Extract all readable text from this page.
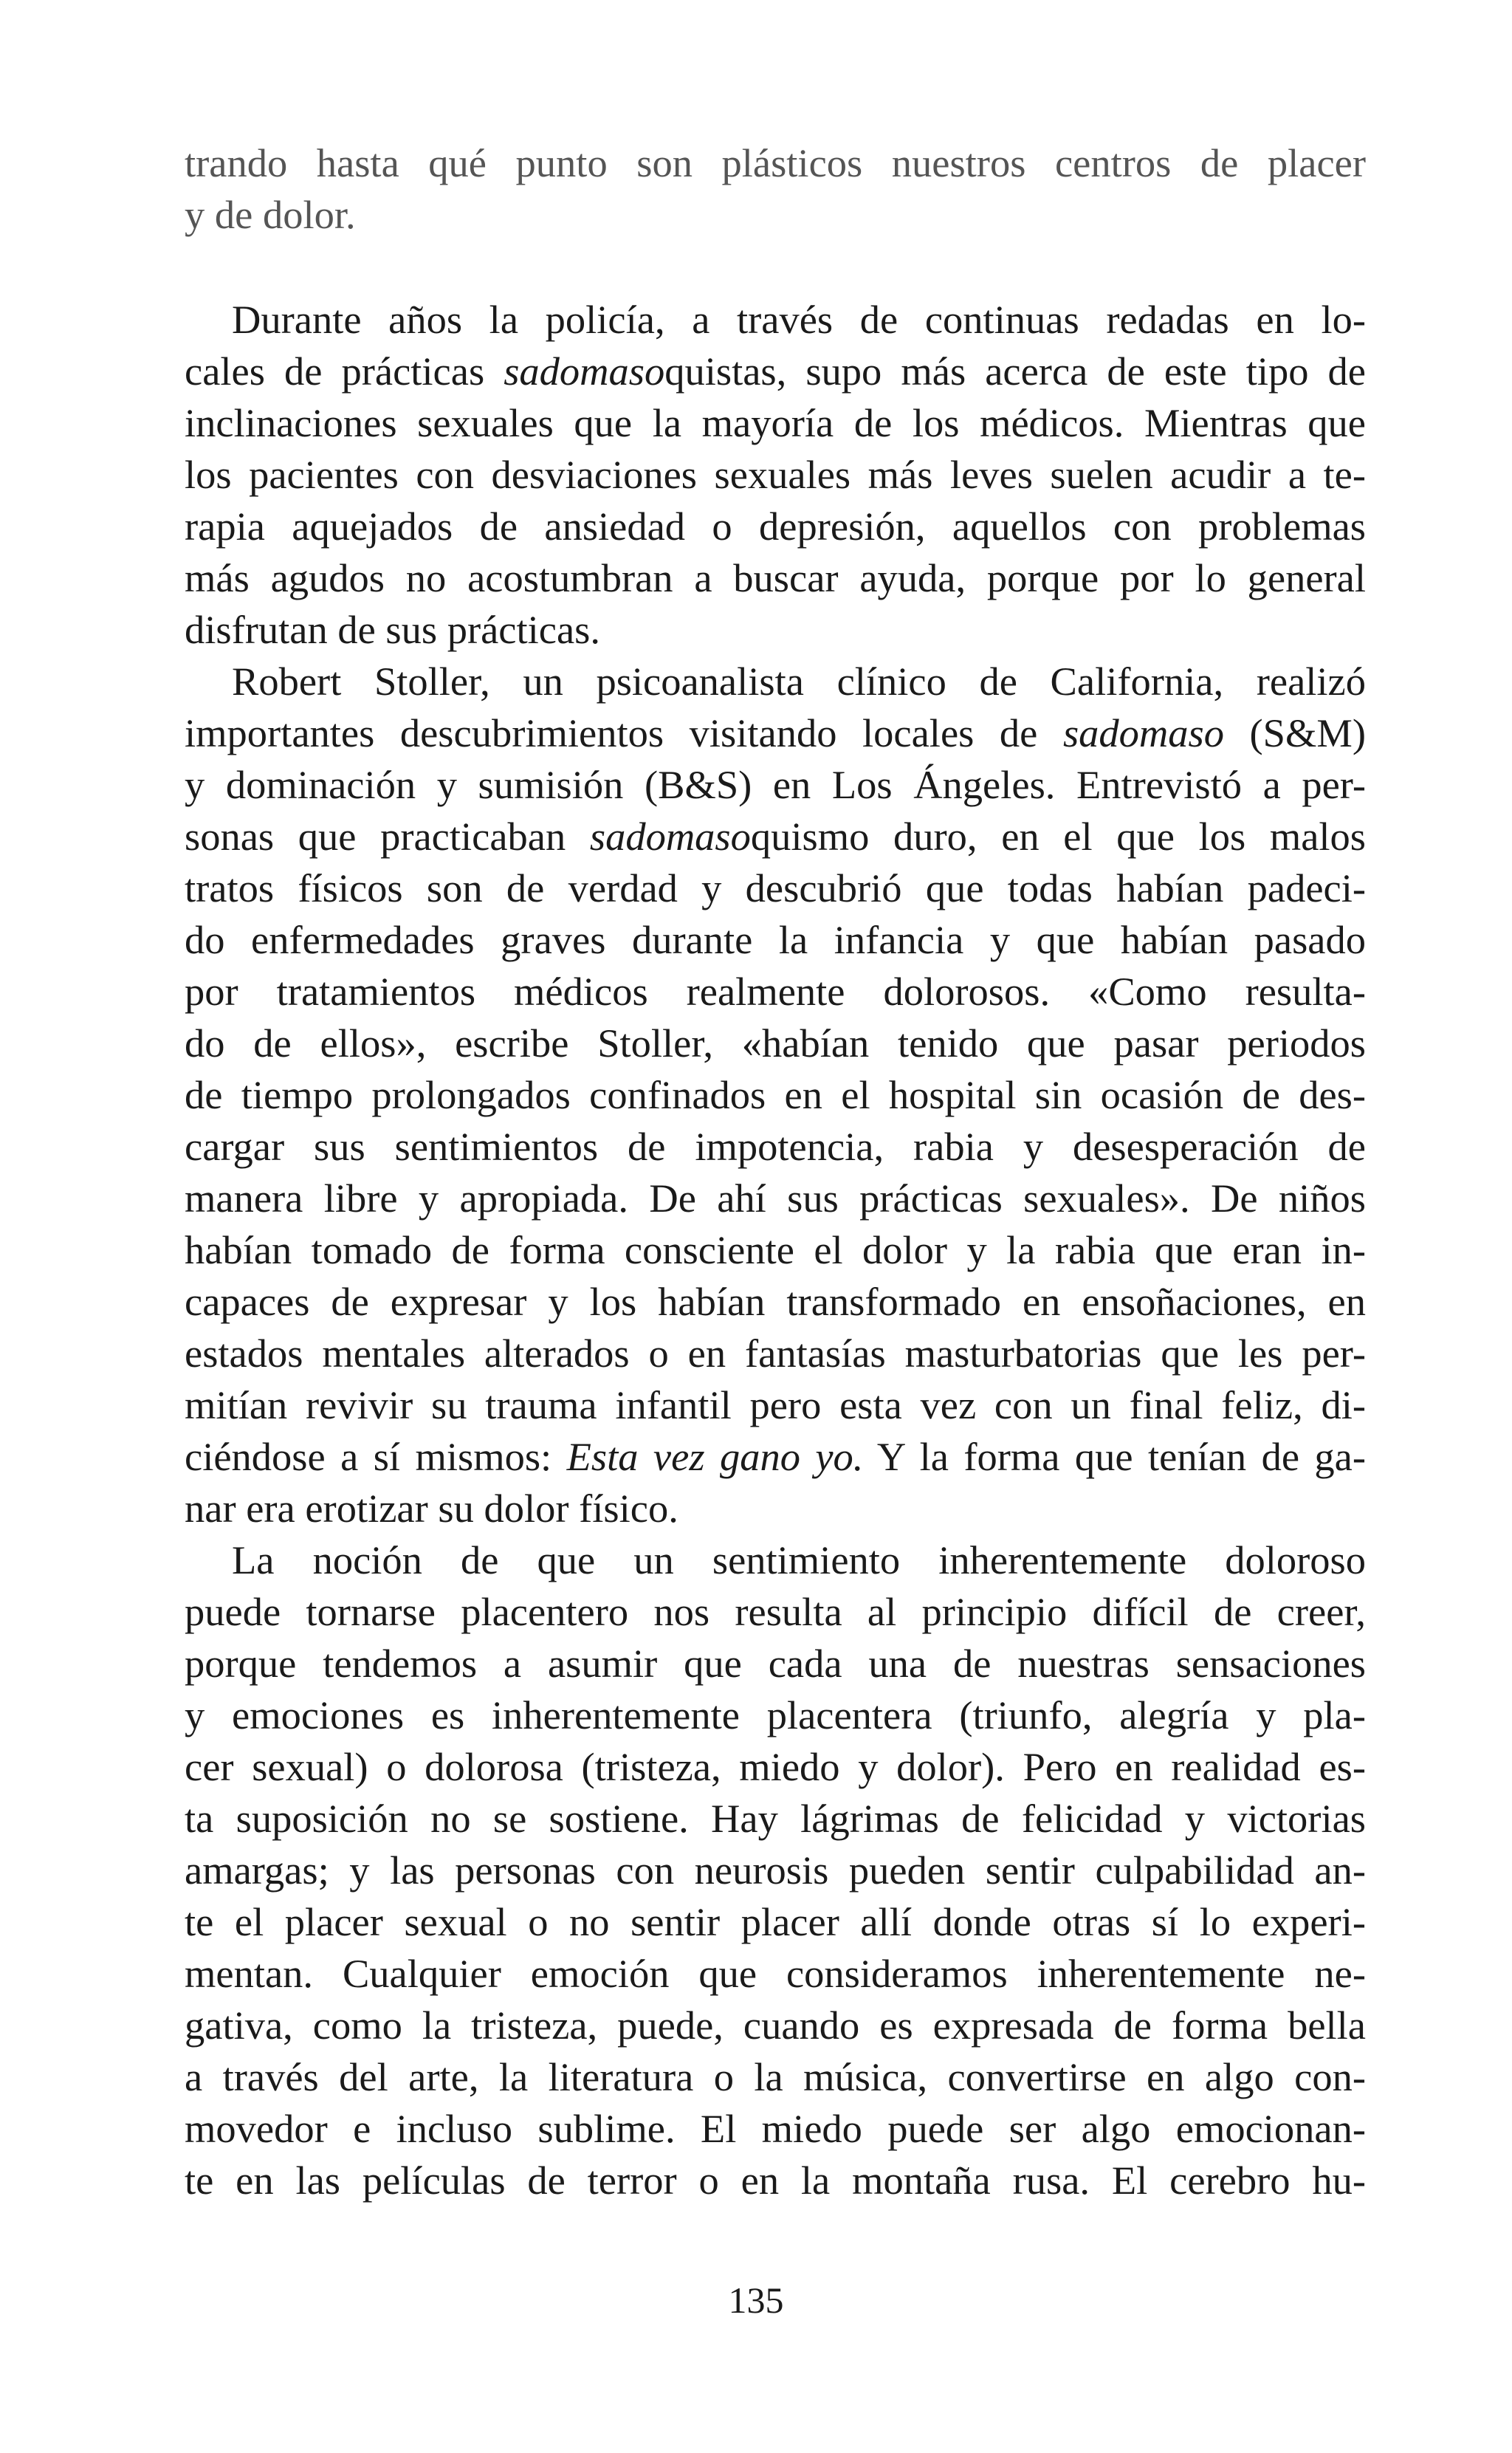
trando hasta qué punto son plásticos nuestros centros de placer
y de dolor.
Durante años la policía, a través de continuas redadas en lo-
cales de prácticas sadomasoquistas, supo más acerca de este tipo de
inclinaciones sexuales que la mayoría de los médicos. Mientras que
los pacientes con desviaciones sexuales más leves suelen acudir a te-
rapia aquejados de ansiedad o depresión, aquellos con problemas
más agudos no acostumbran a buscar ayuda, porque por lo general
disfrutan de sus prácticas.
Robert Stoller, un psicoanalista clínico de California, realizó
importantes descubrimientos visitando locales de sadomaso (S&M)
y dominación y sumisión (B&S) en Los Ángeles. Entrevistó a per-
sonas que practicaban sadomasoquismo duro, en el que los malos
tratos físicos son de verdad y descubrió que todas habían padeci-
do enfermedades graves durante la infancia y que habían pasado
por tratamientos médicos realmente dolorosos. «Como resulta-
do de ellos», escribe Stoller, «habían tenido que pasar periodos
de tiempo prolongados confinados en el hospital sin ocasión de des-
cargar sus sentimientos de impotencia, rabia y desesperación de
manera libre y apropiada. De ahí sus prácticas sexuales». De niños
habían tomado de forma consciente el dolor y la rabia que eran in-
capaces de expresar y los habían transformado en ensoñaciones, en
estados mentales alterados o en fantasías masturbatorias que les per-
mitían revivir su trauma infantil pero esta vez con un final feliz, di-
ciéndose a sí mismos: Esta vez gano yo. Y la forma que tenían de ga-
nar era erotizar su dolor físico.
La noción de que un sentimiento inherentemente doloroso
puede tornarse placentero nos resulta al principio difícil de creer,
porque tendemos a asumir que cada una de nuestras sensaciones
y emociones es inherentemente placentera (triunfo, alegría y pla-
cer sexual) o dolorosa (tristeza, miedo y dolor). Pero en realidad es-
ta suposición no se sostiene. Hay lágrimas de felicidad y victorias
amargas; y las personas con neurosis pueden sentir culpabilidad an-
te el placer sexual o no sentir placer allí donde otras sí lo experi-
mentan. Cualquier emoción que consideramos inherentemente ne-
gativa, como la tristeza, puede, cuando es expresada de forma bella
a través del arte, la literatura o la música, convertirse en algo con-
movedor e incluso sublime. El miedo puede ser algo emocionan-
te en las películas de terror o en la montaña rusa. El cerebro hu-
135
